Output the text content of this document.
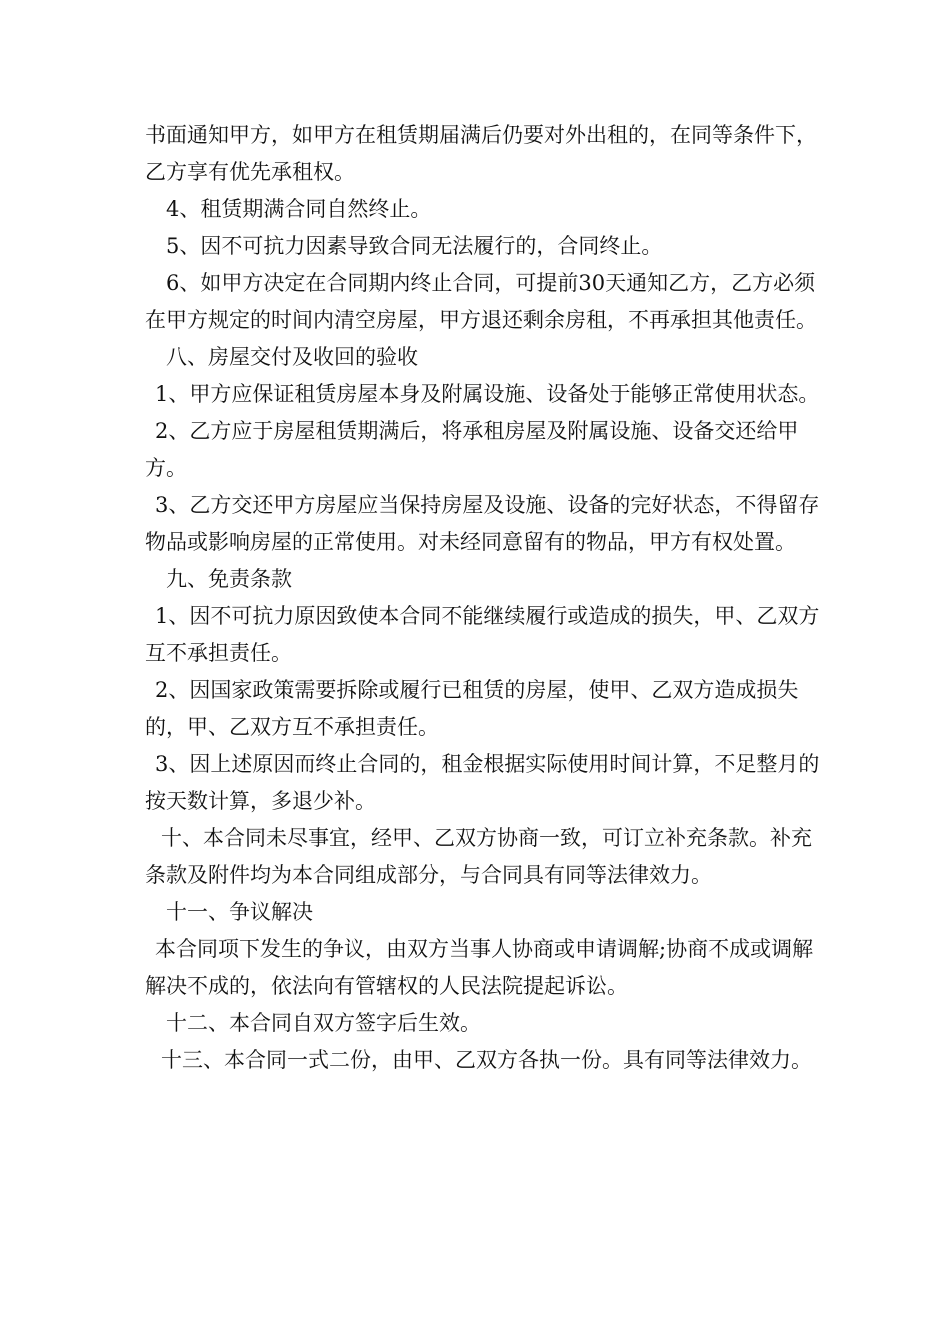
书面通知甲方，如甲方在租赁期届满后仍要对外出租的，在同等条件下，乙方享有优先承租权。

4、租赁期满合同自然终止。

5、因不可抗力因素导致合同无法履行的，合同终止。

6、如甲方决定在合同期内终止合同，可提前30天通知乙方，乙方必须在甲方规定的时间内清空房屋，甲方退还剩余房租，不再承担其他责任。

八、房屋交付及收回的验收

1、甲方应保证租赁房屋本身及附属设施、设备处于能够正常使用状态。

2、乙方应于房屋租赁期满后，将承租房屋及附属设施、设备交还给甲方。

3、乙方交还甲方房屋应当保持房屋及设施、设备的完好状态，不得留存物品或影响房屋的正常使用。对未经同意留有的物品，甲方有权处置。

九、免责条款

1、因不可抗力原因致使本合同不能继续履行或造成的损失，甲、乙双方互不承担责任。

2、因国家政策需要拆除或履行已租赁的房屋，使甲、乙双方造成损失的，甲、乙双方互不承担责任。

3、因上述原因而终止合同的，租金根据实际使用时间计算，不足整月的按天数计算，多退少补。

十、本合同未尽事宜，经甲、乙双方协商一致，可订立补充条款。补充条款及附件均为本合同组成部分，与合同具有同等法律效力。

十一、争议解决

本合同项下发生的争议，由双方当事人协商或申请调解;协商不成或调解解决不成的，依法向有管辖权的人民法院提起诉讼。

十二、本合同自双方签字后生效。

十三、本合同一式二份，由甲、乙双方各执一份。具有同等法律效力。
